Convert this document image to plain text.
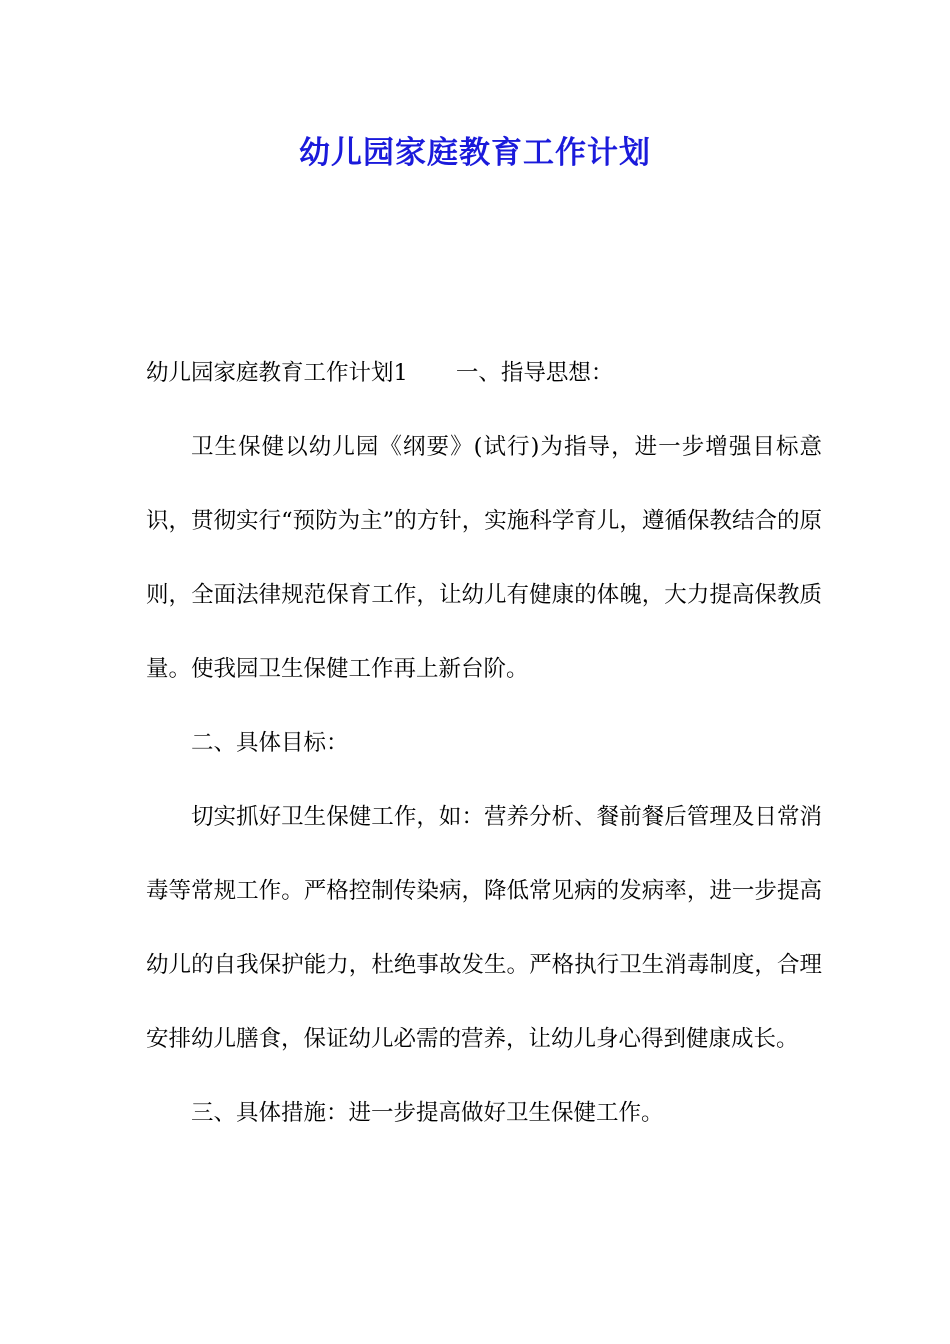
幼儿园家庭教育工作计划

幼儿园家庭教育工作计划1 一、指导思想：

卫生保健以幼儿园《纲要》(试行)为指导，进一步增强目标意识，贯彻实行“预防为主”的方针，实施科学育儿，遵循保教结合的原则，全面法律规范保育工作，让幼儿有健康的体魄，大力提高保教质量。使我园卫生保健工作再上新台阶。

二、具体目标：

切实抓好卫生保健工作，如：营养分析、餐前餐后管理及日常消毒等常规工作。严格控制传染病，降低常见病的发病率，进一步提高幼儿的自我保护能力，杜绝事故发生。严格执行卫生消毒制度，合理安排幼儿膳食，保证幼儿必需的营养，让幼儿身心得到健康成长。

三、具体措施：进一步提高做好卫生保健工作。
